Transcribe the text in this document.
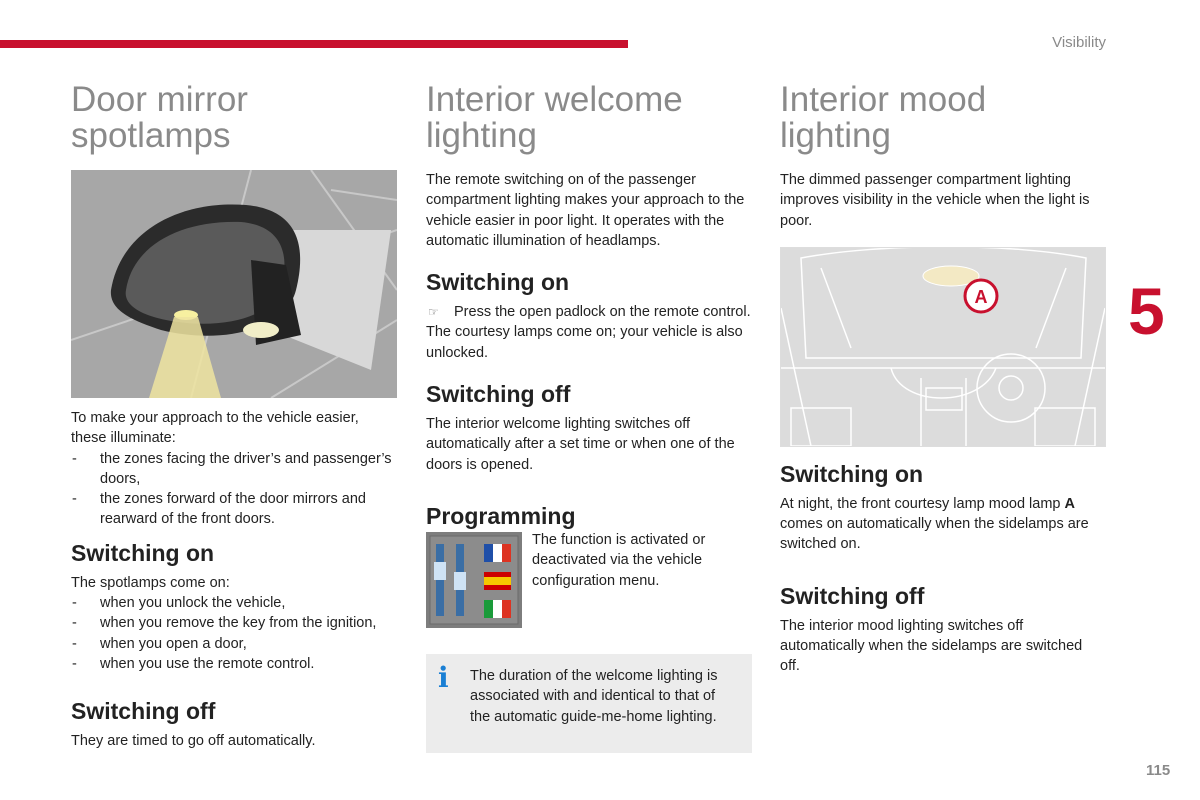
Visibility
5
115
Door mirror spotlamps

To make your approach to the vehicle easier, these illuminate:

- the zones facing the driver’s and passenger’s doors,
- the zones forward of the door mirrors and rearward of the front doors.
Switching on

The spotlamps come on:

- when you unlock the vehicle,
- when you remove the key from the ignition,
- when you open a door,
- when you use the remote control.
Switching off

They are timed to go off automatically.

Interior welcome lighting

The remote switching on of the passenger compartment lighting makes your approach to the vehicle easier in poor light. It operates with the automatic illumination of headlamps.

Switching on
☞ Press the open padlock on the remote control.

The courtesy lamps come on; your vehicle is also unlocked.

Switching off

The interior welcome lighting switches off automatically after a set time or when one of the doors is opened.

Programming

The function is activated or deactivated via the vehicle configuration menu.

i The duration of the welcome lighting is associated with and identical to that of the automatic guide-me-home lighting.

Interior mood lighting

The dimmed passenger compartment lighting improves visibility in the vehicle when the light is poor.

A
Switching on

At night, the front courtesy lamp mood lamp A comes on automatically when the sidelamps are switched on.

Switching off

The interior mood lighting switches off automatically when the sidelamps are switched off.
